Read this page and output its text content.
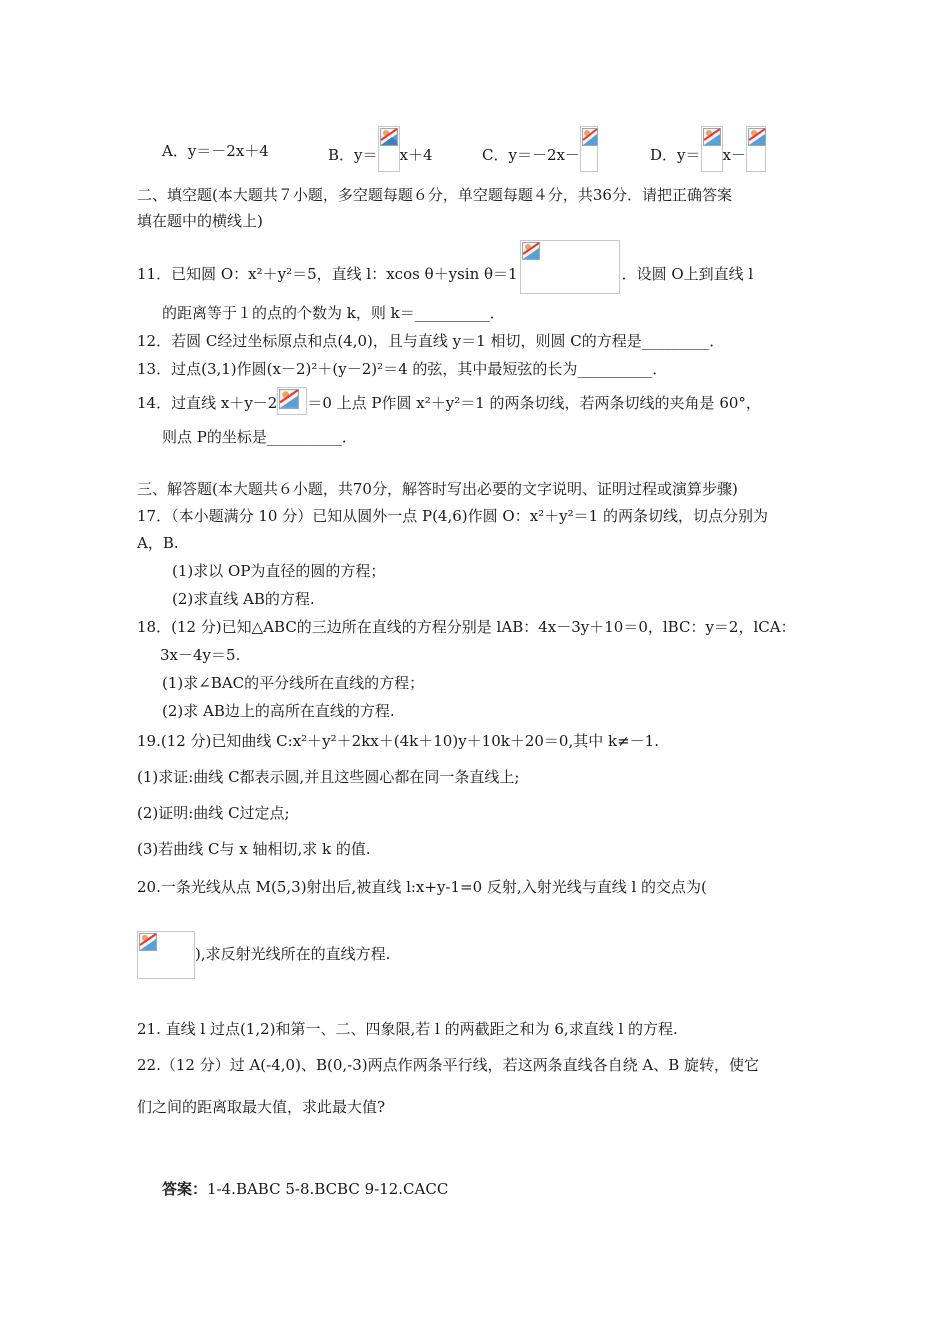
A．y＝－2x＋4	B．y＝ x＋4	C．y＝－2x－	D．y＝ x－
二、填空题(本大题共７小题，多空题每题６分，单空题每题４分，共36分．请把正确答案
填在题中的横线上)
11．已知圆 O：x²＋y²＝5，直线 l：xcos θ＋ysin θ＝1	．设圆 O上到直线 l
的距离等于１的点的个数为 k，则 k＝__________．
12．若圆 C经过坐标原点和点(4,0)，且与直线 y＝1 相切，则圆 C的方程是_________．
13．过点(3,1)作圆(x－2)²＋(y－2)²＝4 的弦，其中最短弦的长为__________．
14．过直线 x＋y－2 ＝0 上点 P作圆 x²＋y²＝1 的两条切线，若两条切线的夹角是 60°，
则点 P的坐标是__________．
三、解答题(本大题共６小题，共70分，解答时写出必要的文字说明、证明过程或演算步骤)
17．（本小题满分 10 分）已知从圆外一点 P(4,6)作圆 O：x²＋y²＝1 的两条切线，切点分别为
A，B.
(1)求以 OP为直径的圆的方程；
(2)求直线 AB的方程.
18．(12 分)已知△ABC的三边所在直线的方程分别是 lAB：4x－3y＋10＝0，lBC：y＝2，lCA：
3x－4y＝5.
(1)求∠BAC的平分线所在直线的方程；
(2)求 AB边上的高所在直线的方程.
19.(12 分)已知曲线 C:x²＋y²＋2kx＋(4k＋10)y＋10k＋20＝0,其中 k≠－1.
(1)求证:曲线 C都表示圆,并且这些圆心都在同一条直线上;
(2)证明:曲线 C过定点;
(3)若曲线 C与 x 轴相切,求 k 的值.
20.一条光线从点 M(5,3)射出后,被直线 l:x+y-1=0 反射,入射光线与直线 l 的交点为(
),求反射光线所在的直线方程.
21. 直线 l 过点(1,2)和第一、二、四象限,若 l 的两截距之和为 6,求直线 l 的方程.
22.（12 分）过 A(-4,0)、B(0,-3)两点作两条平行线，若这两条直线各自绕 A、B 旋转，使它
们之间的距离取最大值，求此最大值?
答案：1-4.BABC 5-8.BCBC 9-12.CACC
